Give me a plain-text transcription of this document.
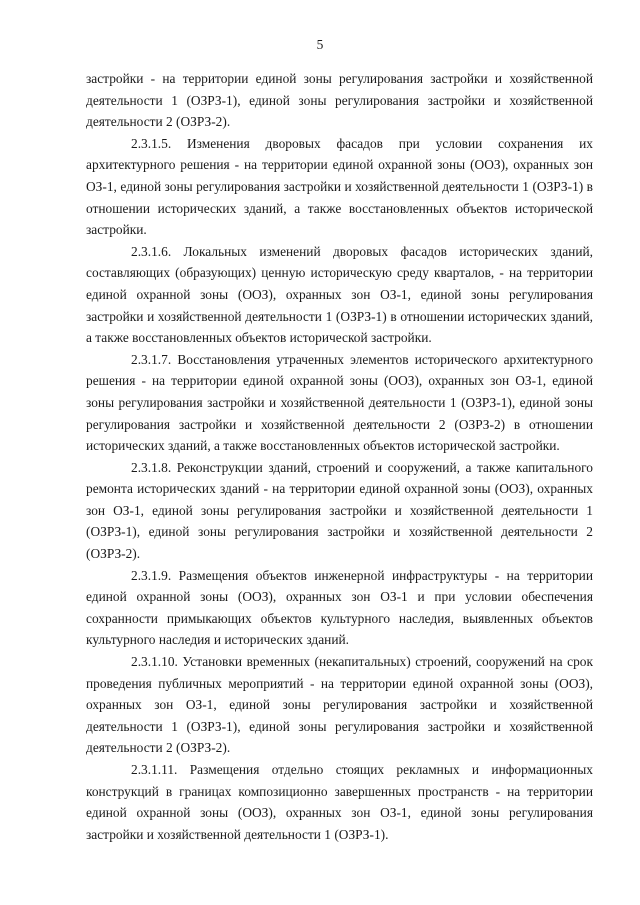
5

застройки - на территории единой зоны регулирования застройки и хозяйственной деятельности 1 (ОЗРЗ-1), единой зоны регулирования застройки и хозяйственной деятельности 2 (ОЗРЗ-2).

2.3.1.5. Изменения дворовых фасадов при условии сохранения их архитектурного решения - на территории единой охранной зоны (ООЗ), охранных зон ОЗ-1, единой зоны регулирования застройки и хозяйственной деятельности 1 (ОЗРЗ-1) в отношении исторических зданий, а также восстановленных объектов исторической застройки.

2.3.1.6. Локальных изменений дворовых фасадов исторических зданий, составляющих (образующих) ценную историческую среду кварталов, - на территории единой охранной зоны (ООЗ), охранных зон ОЗ-1, единой зоны регулирования застройки и хозяйственной деятельности 1 (ОЗРЗ-1) в отношении исторических зданий, а также восстановленных объектов исторической застройки.

2.3.1.7. Восстановления утраченных элементов исторического архитектурного решения - на территории единой охранной зоны (ООЗ), охранных зон ОЗ-1, единой зоны регулирования застройки и хозяйственной деятельности 1 (ОЗРЗ-1), единой зоны регулирования застройки и хозяйственной деятельности 2 (ОЗРЗ-2) в отношении исторических зданий, а также восстановленных объектов исторической застройки.

2.3.1.8. Реконструкции зданий, строений и сооружений, а также капитального ремонта исторических зданий - на территории единой охранной зоны (ООЗ), охранных зон ОЗ-1, единой зоны регулирования застройки и хозяйственной деятельности 1 (ОЗРЗ-1), единой зоны регулирования застройки и хозяйственной деятельности 2 (ОЗРЗ-2).

2.3.1.9. Размещения объектов инженерной инфраструктуры - на территории единой охранной зоны (ООЗ), охранных зон ОЗ-1 и при условии обеспечения сохранности примыкающих объектов культурного наследия, выявленных объектов культурного наследия и исторических зданий.

2.3.1.10. Установки временных (некапитальных) строений, сооружений на срок проведения публичных мероприятий - на территории единой охранной зоны (ООЗ), охранных зон ОЗ-1, единой зоны регулирования застройки и хозяйственной деятельности 1 (ОЗРЗ-1), единой зоны регулирования застройки и хозяйственной деятельности 2 (ОЗРЗ-2).

2.3.1.11. Размещения отдельно стоящих рекламных и информационных конструкций в границах композиционно завершенных пространств - на территории единой охранной зоны (ООЗ), охранных зон ОЗ-1, единой зоны регулирования застройки и хозяйственной деятельности 1 (ОЗРЗ-1).
